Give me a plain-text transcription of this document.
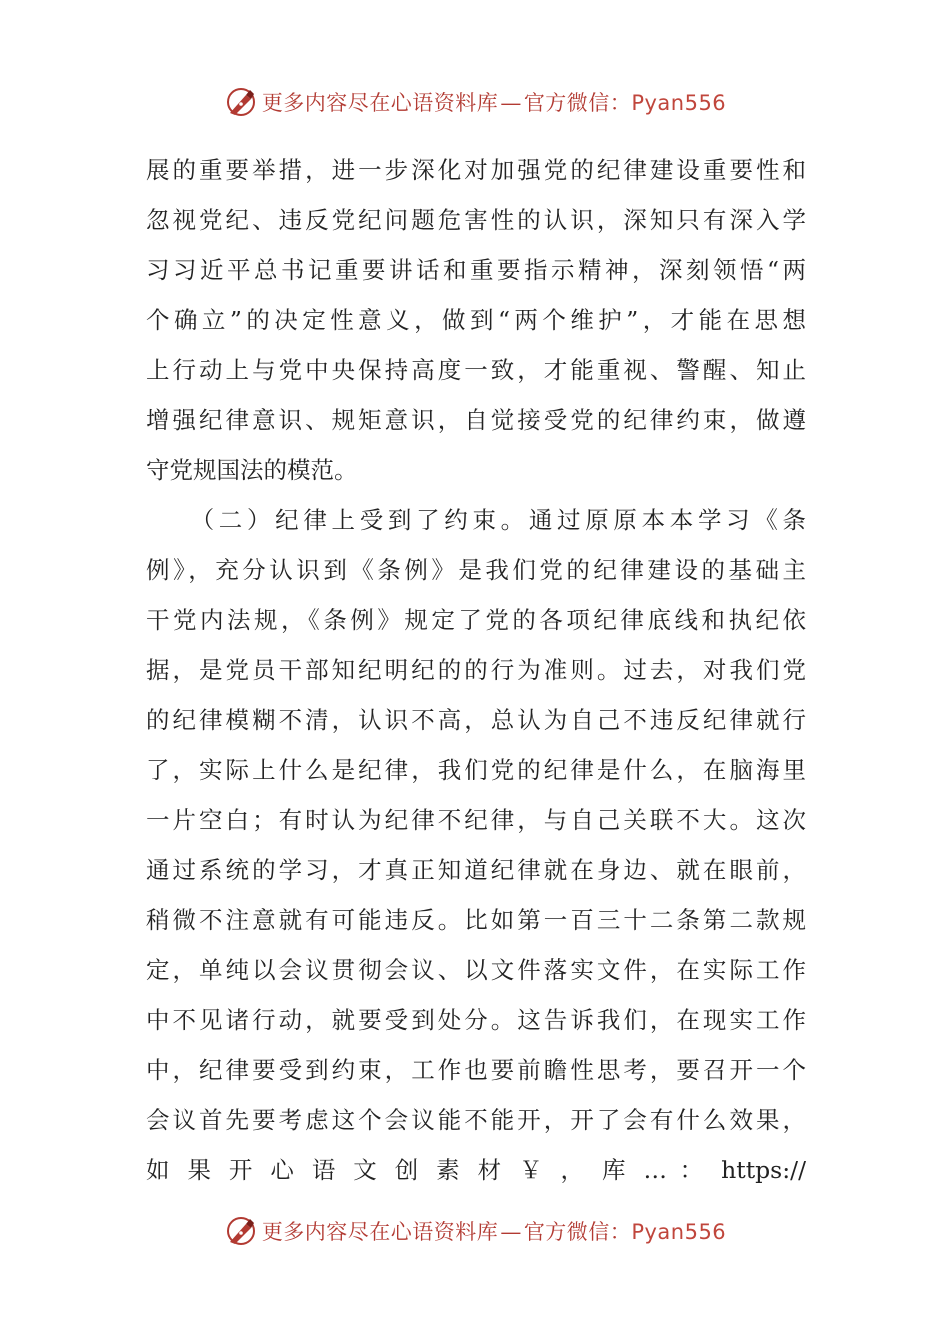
更多内容尽在心语资料库—官方微信：Pyan556
展的重要举措，进一步深化对加强党的纪律建设重要性和
忽视党纪、违反党纪问题危害性的认识，深知只有深入学
习习近平总书记重要讲话和重要指示精神，深刻领悟“两
个确立”的决定性意义，做到“两个维护”，才能在思想
上行动上与党中央保持高度一致，才能重视、警醒、知止
增强纪律意识、规矩意识，自觉接受党的纪律约束，做遵
守党规国法的模范。
　　（二）纪律上受到了约束。通过原原本本学习《条
例》，充分认识到《条例》是我们党的纪律建设的基础主
干党内法规，《条例》规定了党的各项纪律底线和执纪依
据，是党员干部知纪明纪的的行为准则。过去，对我们党
的纪律模糊不清，认识不高，总认为自己不违反纪律就行
了，实际上什么是纪律，我们党的纪律是什么，在脑海里
一片空白；有时认为纪律不纪律，与自己关联不大。这次
通过系统的学习，才真正知道纪律就在身边、就在眼前，
稍微不注意就有可能违反。比如第一百三十二条第二款规
定，单纯以会议贯彻会议、以文件落实文件，在实际工作
中不见诸行动，就要受到处分。这告诉我们，在现实工作
中，纪律要受到约束，工作也要前瞻性思考，要召开一个
会议首先要考虑这个会议能不能开，开了会有什么效果，
如 果 开 心 语 文 创 素 材 ￥ ， 库 … ： https://
更多内容尽在心语资料库—官方微信：Pyan556
